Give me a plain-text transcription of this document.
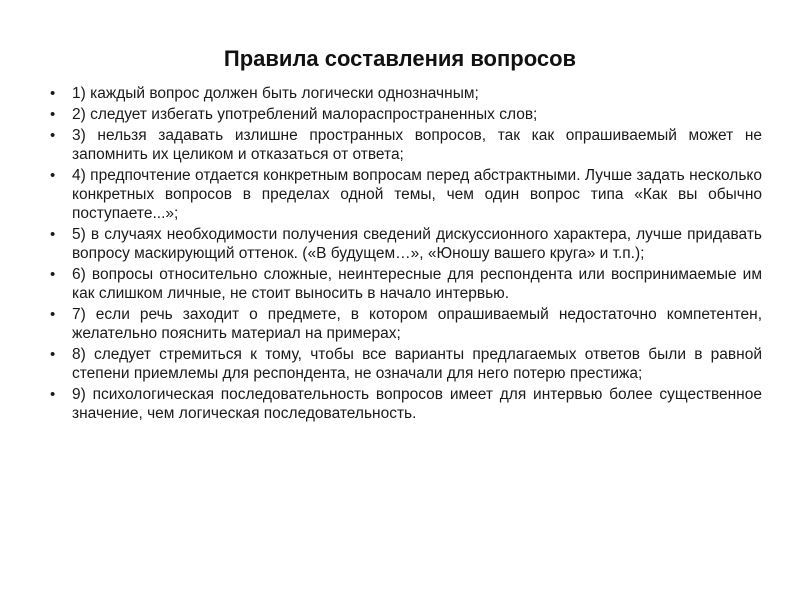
Правила составления вопросов
• 1) каждый вопрос должен быть логически однозначным;
• 2) следует избегать употреблений малораспространенных слов;
• 3) нельзя задавать излишне пространных вопросов, так как опрашиваемый может не запомнить их целиком и отказаться от ответа;
• 4) предпочтение отдается конкретным вопросам перед абстрактными. Лучше задать несколько конкретных вопросов в пределах одной темы, чем один вопрос типа «Как вы обычно поступаете...»;
• 5) в случаях необходимости получения сведений дискуссионного характера, лучше придавать вопросу маскирующий оттенок. («В будущем…», «Юношу вашего круга» и т.п.);
• 6) вопросы относительно сложные, неинтересные для респондента или воспринимаемые им как слишком личные, не стоит выносить в начало интервью.
• 7) если речь заходит о предмете, в котором опрашиваемый недостаточно компетентен, желательно пояснить материал на примерах;
• 8) следует стремиться к тому, чтобы все варианты предлагаемых ответов были в равной степени приемлемы для респондента, не означали для него потерю престижа;
• 9) психологическая последовательность вопросов имеет для интервью более существенное значение, чем логическая последовательность.
